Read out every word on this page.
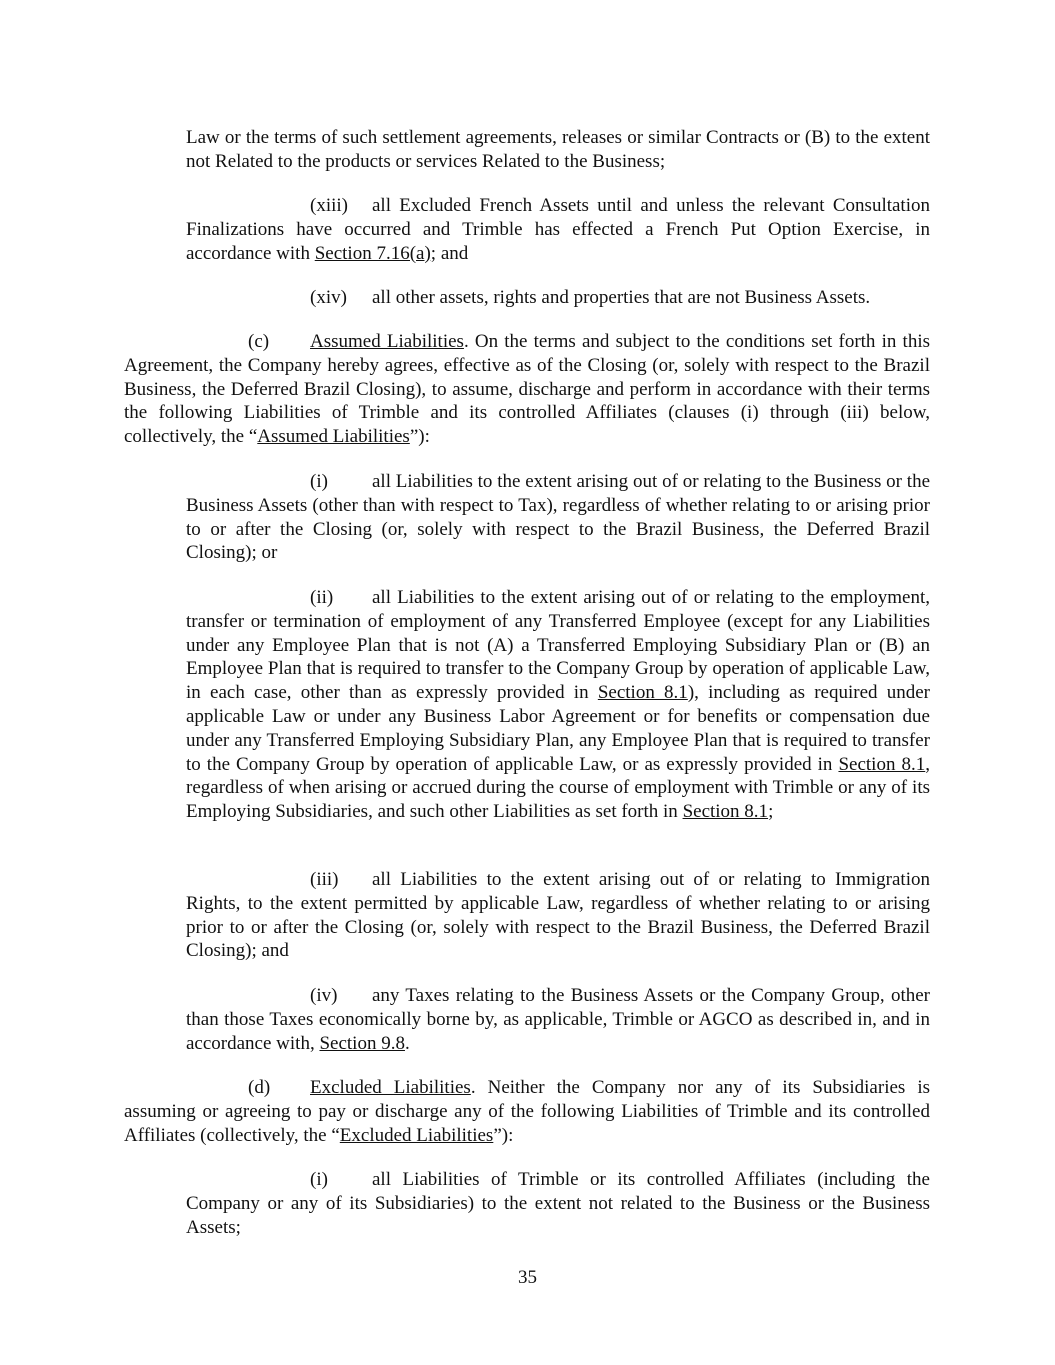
Law or the terms of such settlement agreements, releases or similar Contracts or (B) to the extent not Related to the products or services Related to the Business;

(xiii) all Excluded French Assets until and unless the relevant Consultation Finalizations have occurred and Trimble has effected a French Put Option Exercise, in accordance with Section 7.16(a); and

(xiv) all other assets, rights and properties that are not Business Assets.

(c) Assumed Liabilities. On the terms and subject to the conditions set forth in this Agreement, the Company hereby agrees, effective as of the Closing (or, solely with respect to the Brazil Business, the Deferred Brazil Closing), to assume, discharge and perform in accordance with their terms the following Liabilities of Trimble and its controlled Affiliates (clauses (i) through (iii) below, collectively, the “Assumed Liabilities”):

(i) all Liabilities to the extent arising out of or relating to the Business or the Business Assets (other than with respect to Tax), regardless of whether relating to or arising prior to or after the Closing (or, solely with respect to the Brazil Business, the Deferred Brazil Closing); or

(ii) all Liabilities to the extent arising out of or relating to the employment, transfer or termination of employment of any Transferred Employee (except for any Liabilities under any Employee Plan that is not (A) a Transferred Employing Subsidiary Plan or (B) an Employee Plan that is required to transfer to the Company Group by operation of applicable Law, in each case, other than as expressly provided in Section 8.1), including as required under applicable Law or under any Business Labor Agreement or for benefits or compensation due under any Transferred Employing Subsidiary Plan, any Employee Plan that is required to transfer to the Company Group by operation of applicable Law, or as expressly provided in Section 8.1, regardless of when arising or accrued during the course of employment with Trimble or any of its Employing Subsidiaries, and such other Liabilities as set forth in Section 8.1;

(iii) all Liabilities to the extent arising out of or relating to Immigration Rights, to the extent permitted by applicable Law, regardless of whether relating to or arising prior to or after the Closing (or, solely with respect to the Brazil Business, the Deferred Brazil Closing); and

(iv) any Taxes relating to the Business Assets or the Company Group, other than those Taxes economically borne by, as applicable, Trimble or AGCO as described in, and in accordance with, Section 9.8.

(d) Excluded Liabilities. Neither the Company nor any of its Subsidiaries is assuming or agreeing to pay or discharge any of the following Liabilities of Trimble and its controlled Affiliates (collectively, the “Excluded Liabilities”):

(i) all Liabilities of Trimble or its controlled Affiliates (including the Company or any of its Subsidiaries) to the extent not related to the Business or the Business Assets;

35
